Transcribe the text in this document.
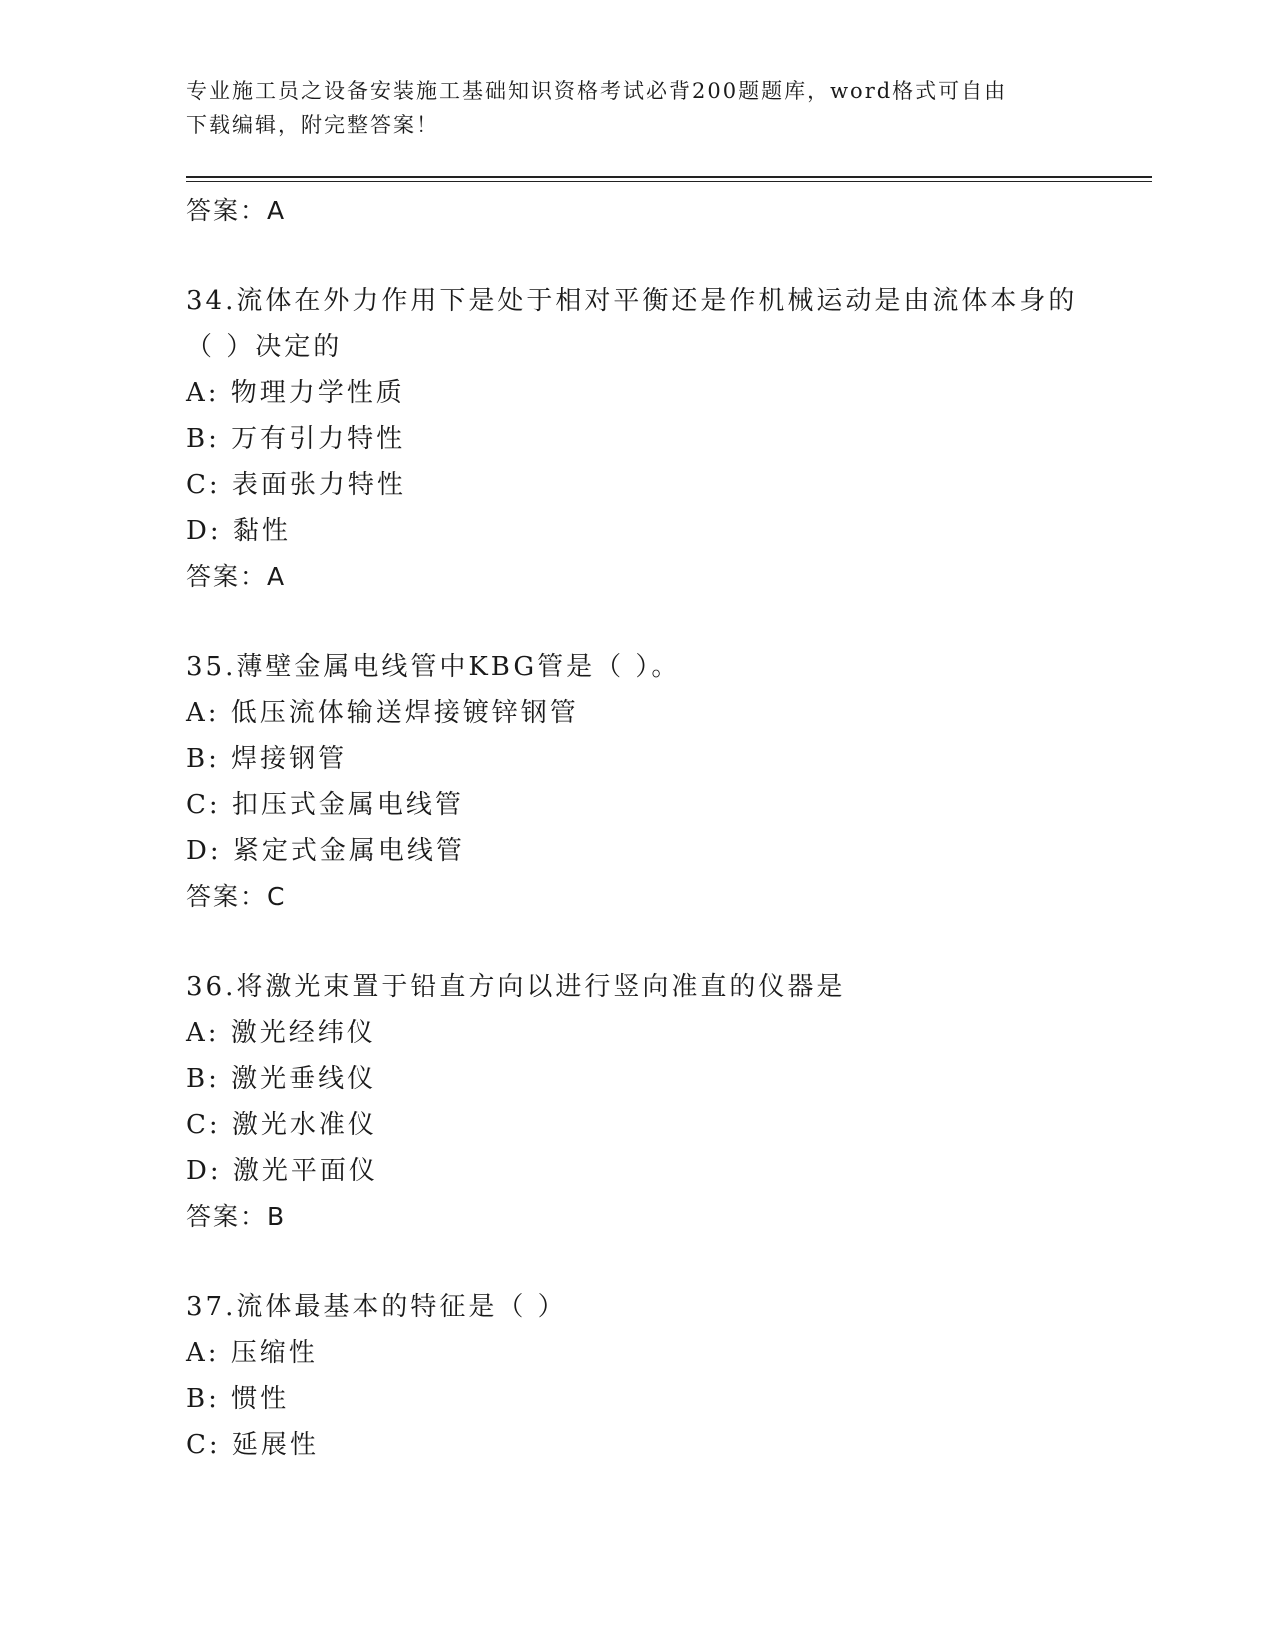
专业施工员之设备安装施工基础知识资格考试必背200题题库，word格式可自由
下载编辑，附完整答案！
答案：A
34.流体在外力作用下是处于相对平衡还是作机械运动是由流体本身的
（ ）决定的
A: 物理力学性质
B: 万有引力特性
C: 表面张力特性
D: 黏性
答案：A
35.薄壁金属电线管中KBG管是（ ）。
A: 低压流体输送焊接镀锌钢管
B: 焊接钢管
C: 扣压式金属电线管
D: 紧定式金属电线管
答案：C
36.将激光束置于铅直方向以进行竖向准直的仪器是
A: 激光经纬仪
B: 激光垂线仪
C: 激光水准仪
D: 激光平面仪
答案：B
37.流体最基本的特征是（ ）
A: 压缩性
B: 惯性
C: 延展性
